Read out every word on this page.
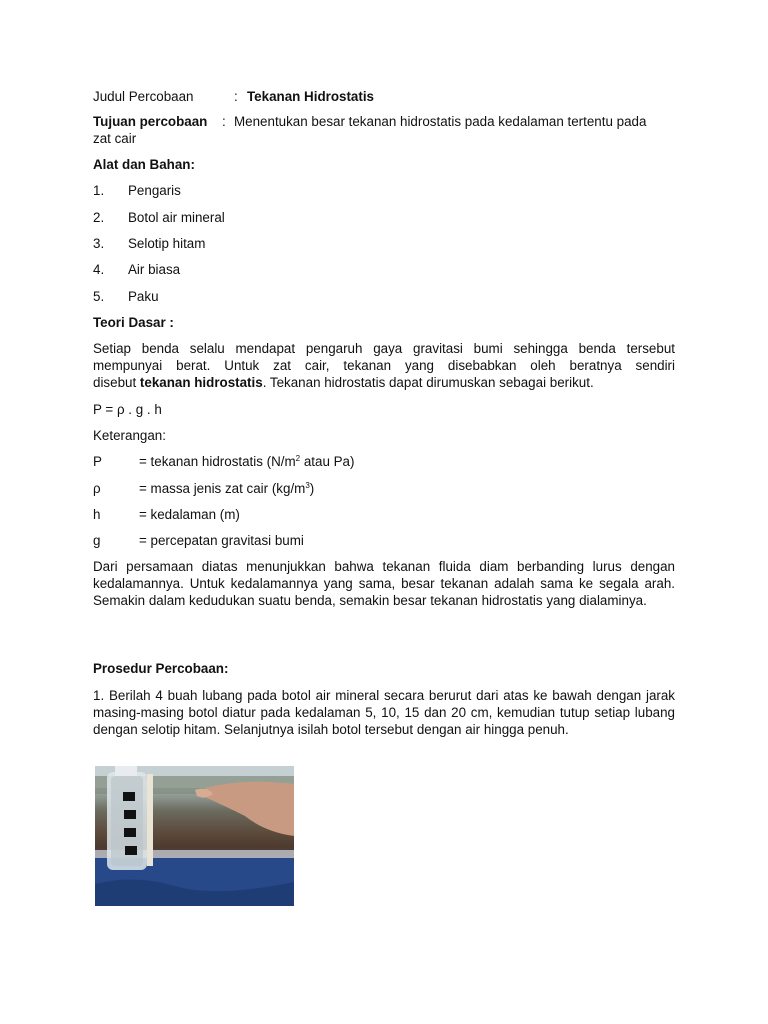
Judul Percobaan	: Tekanan Hidrostatis
Tujuan percobaan : Menentukan besar tekanan hidrostatis pada kedalaman tertentu pada
zat cair
Alat dan Bahan:
1. Pengaris
2. Botol air mineral
3. Selotip hitam
4. Air biasa
5. Paku
Teori Dasar :
Setiap benda selalu mendapat pengaruh gaya gravitasi bumi sehingga benda tersebut
mempunyai berat. Untuk zat cair, tekanan yang disebabkan oleh beratnya sendiri
disebut tekanan hidrostatis. Tekanan hidrostatis dapat dirumuskan sebagai berikut.
P = ρ . g . h
Keterangan:
P	= tekanan hidrostatis ($N/m^2$ atau Pa)
ρ	= massa jenis zat cair $(kg/m^3)$
h	= kedalaman (m)
g	= percepatan gravitasi bumi
Dari persamaan diatas menunjukkan bahwa tekanan fluida diam berbanding lurus dengan kedalamannya. Untuk kedalamannya yang sama, besar tekanan adalah sama ke segala arah. Semakin dalam kedudukan suatu benda, semakin besar tekanan hidrostatis yang dialaminya.
Prosedur Percobaan:
1. Berilah 4 buah lubang pada botol air mineral secara berurut dari atas ke bawah dengan jarak masing-masing botol diatur pada kedalaman 5, 10, 15 dan 20 cm, kemudian tutup setiap lubang dengan selotip hitam. Selanjutnya isilah botol tersebut dengan air hingga penuh.
